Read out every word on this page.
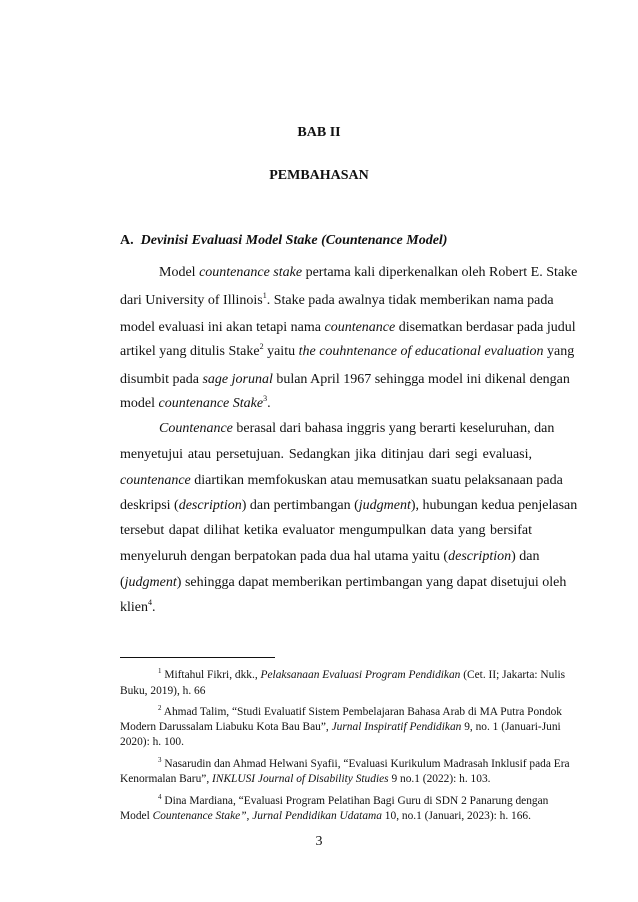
BAB II
PEMBAHASAN
A. Devinisi Evaluasi Model Stake (Countenance Model)
Model countenance stake pertama kali diperkenalkan oleh Robert E. Stake
dari University of Illinois$^1$. Stake pada awalnya tidak memberikan nama pada
model evaluasi ini akan tetapi nama countenance disematkan berdasar pada judul
artikel yang ditulis Stake$^2$ yaitu the couhntenance of educational evaluation yang
disumbit pada sage jorunal bulan April 1967 sehingga model ini dikenal dengan
model countenance Stake$^3$.
Countenance berasal dari bahasa inggris yang berarti keseluruhan, dan
menyetujui atau persetujuan. Sedangkan jika ditinjau dari segi evaluasi,
countenance diartikan memfokuskan atau memusatkan suatu pelaksanaan pada
deskripsi (description) dan pertimbangan (judgment), hubungan kedua penjelasan
tersebut dapat dilihat ketika evaluator mengumpulkan data yang bersifat
menyeluruh dengan berpatokan pada dua hal utama yaitu (description) dan
(judgment) sehingga dapat memberikan pertimbangan yang dapat disetujui oleh
klien$^4$.
$^1$ Miftahul Fikri, dkk., Pelaksanaan Evaluasi Program Pendidikan (Cet. II; Jakarta: Nulis
Buku, 2019), h. 66
$^2$ Ahmad Talim, “Studi Evaluatif Sistem Pembelajaran Bahasa Arab di MA Putra Pondok
Modern Darussalam Liabuku Kota Bau Bau”, Jurnal Inspiratif Pendidikan 9, no. 1 (Januari-Juni
2020): h. 100.
$^3$ Nasarudin dan Ahmad Helwani Syafii, “Evaluasi Kurikulum Madrasah Inklusif pada Era
Kenormalan Baru”, INKLUSI Journal of Disability Studies 9 no.1 (2022): h. 103.
$^4$ Dina Mardiana, “Evaluasi Program Pelatihan Bagi Guru di SDN 2 Panarung dengan
Model Countenance Stake”, Jurnal Pendidikan Udatama 10, no.1 (Januari, 2023): h. 166.
3
